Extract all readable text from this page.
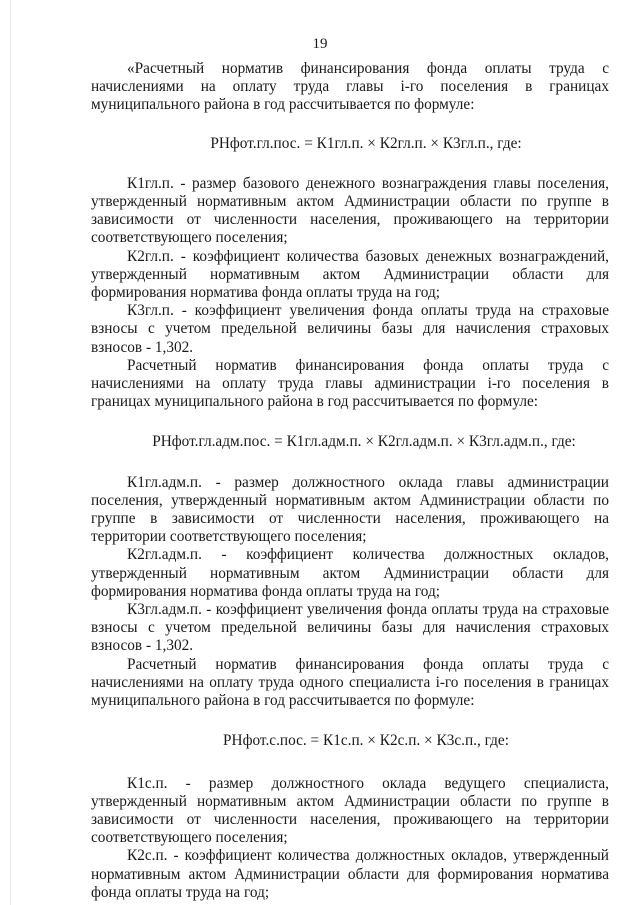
19

«Расчетный норматив финансирования фонда оплаты труда с начислениями на оплату труда главы i-го поселения в границах муниципального района в год рассчитывается по формуле:

РНфот.гл.пос. = К1гл.п. × К2гл.п. × К3гл.п., где:

К1гл.п. - размер базового денежного вознаграждения главы поселения, утвержденный нормативным актом Администрации области по группе в зависимости от численности населения, проживающего на территории соответствующего поселения;

К2гл.п. - коэффициент количества базовых денежных вознаграждений, утвержденный нормативным актом Администрации области для формирования норматива фонда оплаты труда на год;

К3гл.п. - коэффициент увеличения фонда оплаты труда на страховые взносы с учетом предельной величины базы для начисления страховых взносов - 1,302.

Расчетный норматив финансирования фонда оплаты труда с начислениями на оплату труда главы администрации i-го поселения в границах муниципального района в год рассчитывается по формуле:

РНфот.гл.адм.пос. = К1гл.адм.п. × К2гл.адм.п. × К3гл.адм.п., где:

К1гл.адм.п. - размер должностного оклада главы администрации поселения, утвержденный нормативным актом Администрации области по группе в зависимости от численности населения, проживающего на территории соответствующего поселения;

К2гл.адм.п. - коэффициент количества должностных окладов, утвержденный нормативным актом Администрации области для формирования норматива фонда оплаты труда на год;

К3гл.адм.п. - коэффициент увеличения фонда оплаты труда на страховые взносы с учетом предельной величины базы для начисления страховых взносов - 1,302.

Расчетный норматив финансирования фонда оплаты труда с начислениями на оплату труда одного специалиста i-го поселения в границах муниципального района в год рассчитывается по формуле:

РНфот.с.пос. = К1с.п. × К2с.п. × К3с.п., где:

К1с.п. - размер должностного оклада ведущего специалиста, утвержденный нормативным актом Администрации области по группе в зависимости от численности населения, проживающего на территории соответствующего поселения;

К2с.п. - коэффициент количества должностных окладов, утвержденный нормативным актом Администрации области для формирования норматива фонда оплаты труда на год;
